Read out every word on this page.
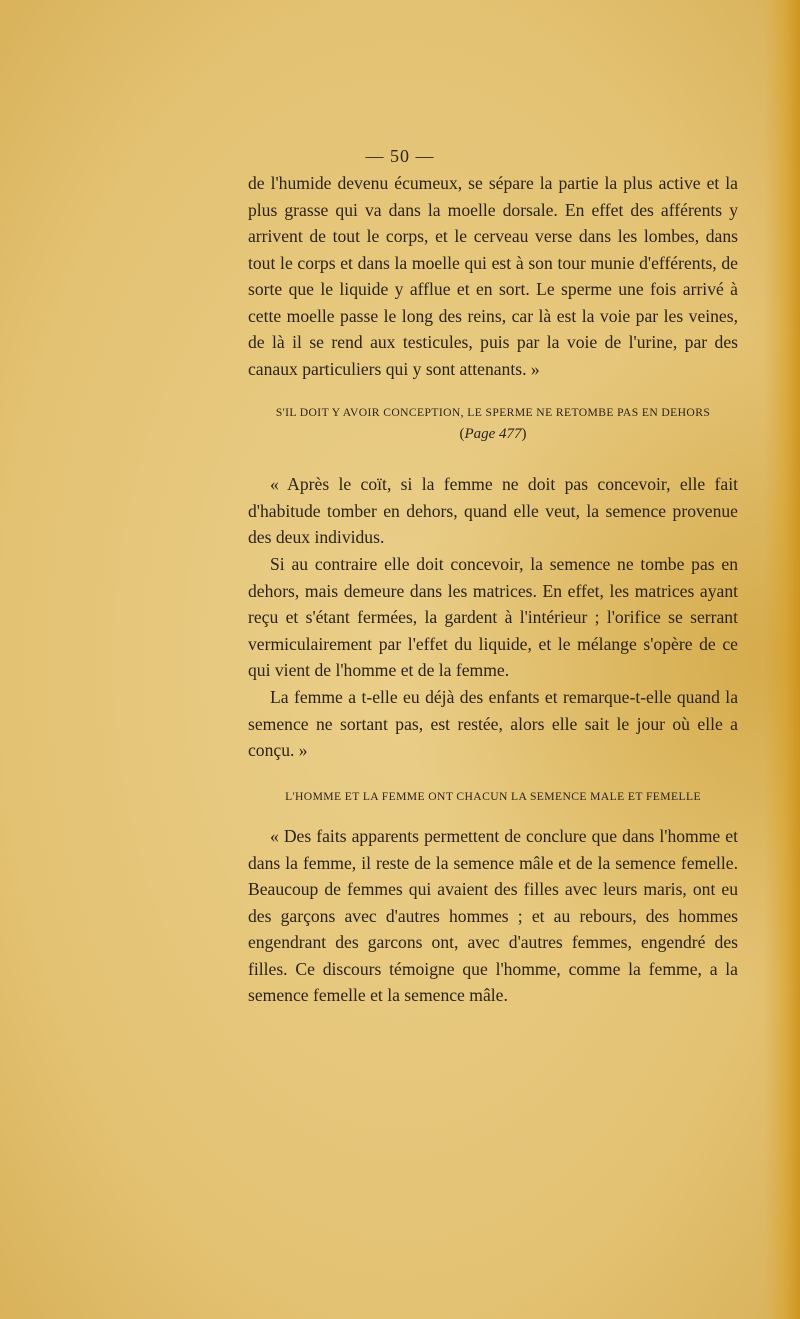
— 50 —
de l'humide devenu écumeux, se sépare la partie la plus active et la plus grasse qui va dans la moelle dorsale. En effet des afférents y arrivent de tout le corps, et le cerveau verse dans les lombes, dans tout le corps et dans la moelle qui est à son tour munie d'efférents, de sorte que le liquide y afflue et en sort. Le sperme une fois arrivé à cette moelle passe le long des reins, car là est la voie par les veines, de là il se rend aux testicules, puis par la voie de l'urine, par des canaux particuliers qui y sont attenants. »
S'IL DOIT Y AVOIR CONCEPTION, LE SPERME NE RETOMBE PAS EN DEHORS
(Page 477)
« Après le coït, si la femme ne doit pas concevoir, elle fait d'habitude tomber en dehors, quand elle veut, la semence provenue des deux individus.
Si au contraire elle doit concevoir, la semence ne tombe pas en dehors, mais demeure dans les matrices. En effet, les matrices ayant reçu et s'étant fermées, la gardent à l'intérieur ; l'orifice se serrant vermiculairement par l'effet du liquide, et le mélange s'opère de ce qui vient de l'homme et de la femme.
La femme a t-elle eu déjà des enfants et remarque-t-elle quand la semence ne sortant pas, est restée, alors elle sait le jour où elle a conçu. »
L'HOMME ET LA FEMME ONT CHACUN LA SEMENCE MALE ET FEMELLE
« Des faits apparents permettent de conclure que dans l'homme et dans la femme, il reste de la semence mâle et de la semence femelle. Beaucoup de femmes qui avaient des filles avec leurs maris, ont eu des garçons avec d'autres hommes ; et au rebours, des hommes engendrant des garcons ont, avec d'autres femmes, engendré des filles. Ce discours témoigne que l'homme, comme la femme, a la semence femelle et la semence mâle.
